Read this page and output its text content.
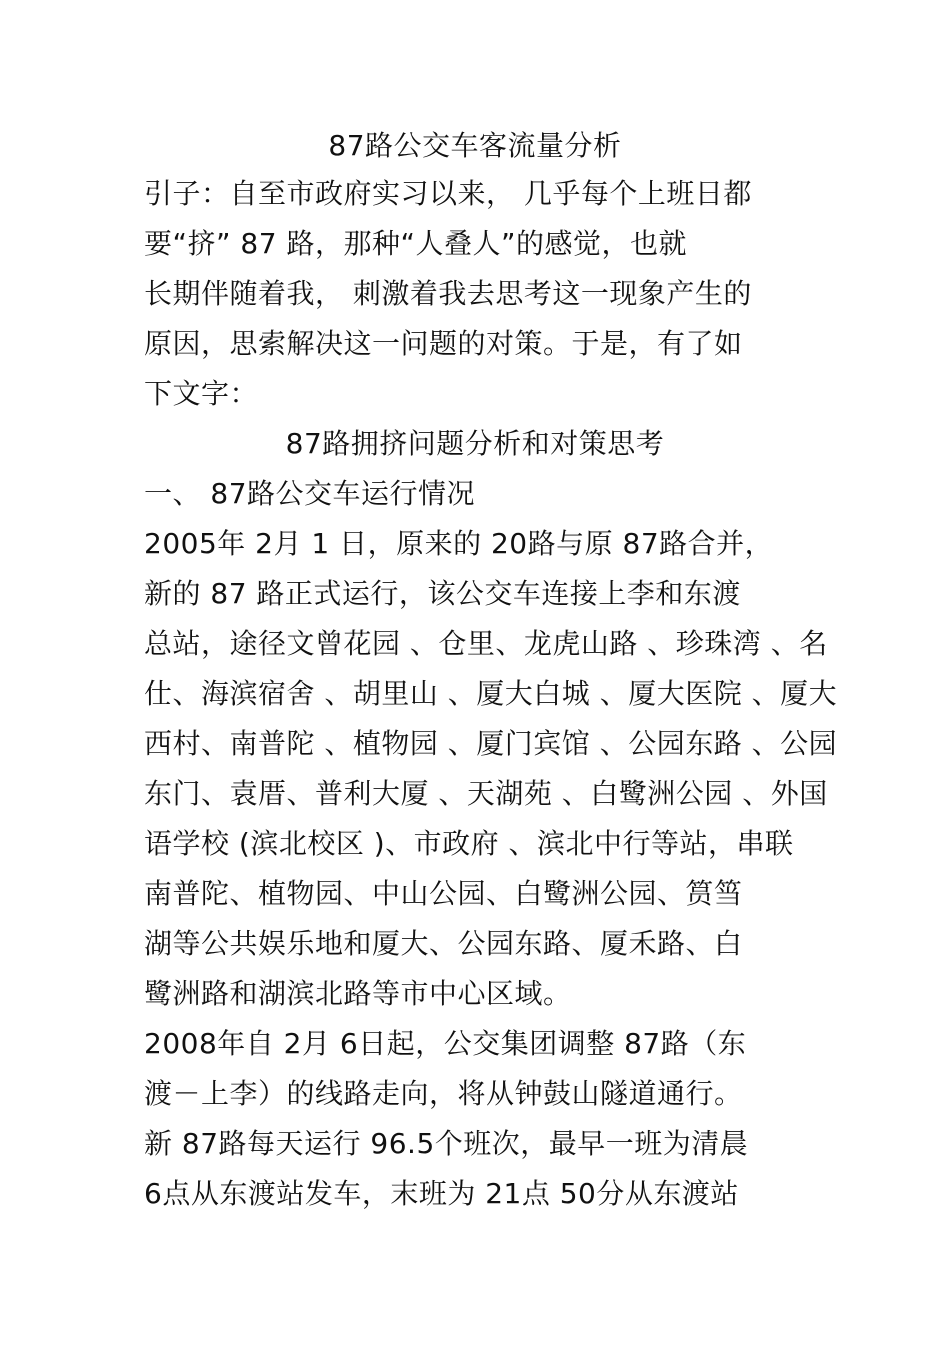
87路公交车客流量分析
引子：自至市政府实习以来， 几乎每个上班日都
要“挤” 87 路，那种“人叠人”的感觉，也就
长期伴随着我， 刺激着我去思考这一现象产生的
原因，思索解决这一问题的对策。于是，有了如
下文字：
87路拥挤问题分析和对策思考
一、 87路公交车运行情况
2005年 2月 1 日，原来的 20路与原 87路合并，
新的 87 路正式运行，该公交车连接上李和东渡
总站，途径文曾花园 、仓里、龙虎山路 、珍珠湾 、名
仕、海滨宿舍 、胡里山 、厦大白城 、厦大医院 、厦大
西村、南普陀 、植物园 、厦门宾馆 、公园东路 、公园
东门、袁厝、普利大厦 、天湖苑 、白鹭洲公园 、外国
语学校 (滨北校区 )、市政府 、滨北中行等站，串联
南普陀、植物园、中山公园、白鹭洲公园、筼筜
湖等公共娱乐地和厦大、公园东路、厦禾路、白
鹭洲路和湖滨北路等市中心区域。
2008年自 2月 6日起，公交集团调整 87路（东
渡－上李）的线路走向，将从钟鼓山隧道通行。
新 87路每天运行 96.5个班次，最早一班为清晨
6点从东渡站发车，末班为 21点 50分从东渡站
